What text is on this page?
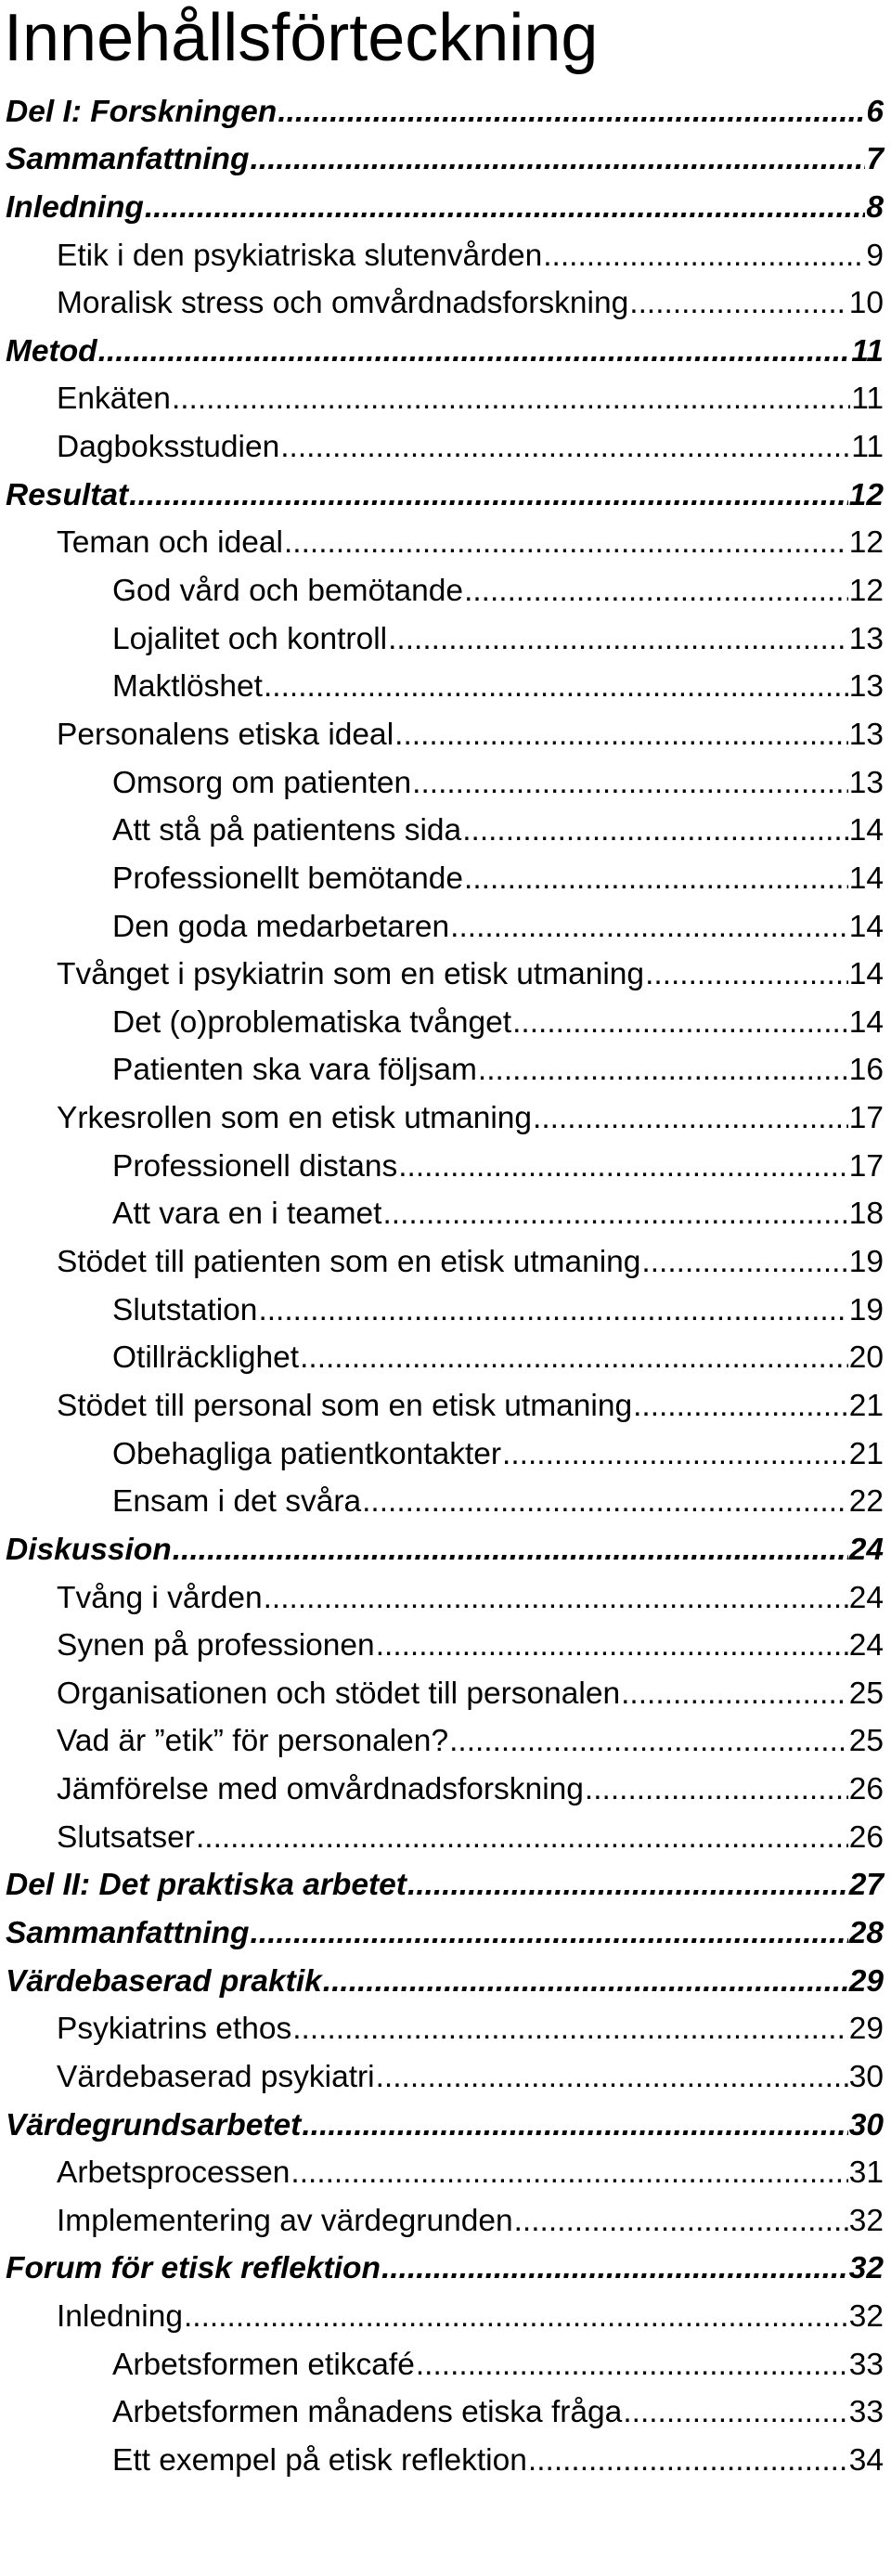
Innehållsförteckning
Del I: Forskningen .....	6
Sammanfattning .....	7
Inledning .....	8
Etik i den psykiatriska slutenvården .....	9
Moralisk stress och omvårdnadsforskning .....	10
Metod .....	11
Enkäten .....	11
Dagboksstudien .....	11
Resultat .....	12
Teman och ideal .....	12
God vård och bemötande .....	12
Lojalitet och kontroll .....	13
Maktlöshet .....	13
Personalens etiska ideal .....	13
Omsorg om patienten .....	13
Att stå på patientens sida .....	14
Professionellt bemötande .....	14
Den goda medarbetaren .....	14
Tvånget i psykiatrin som en etisk utmaning .....	14
Det (o)problematiska tvånget .....	14
Patienten ska vara följsam .....	16
Yrkesrollen som en etisk utmaning .....	17
Professionell distans .....	17
Att vara en i teamet .....	18
Stödet till patienten som en etisk utmaning .....	19
Slutstation .....	19
Otillräcklighet .....	20
Stödet till personal som en etisk utmaning .....	21
Obehagliga patientkontakter .....	21
Ensam i det svåra .....	22
Diskussion .....	24
Tvång i vården .....	24
Synen på professionen .....	24
Organisationen och stödet till personalen .....	25
Vad är ”etik” för personalen? .....	25
Jämförelse med omvårdnadsforskning .....	26
Slutsatser .....	26
Del II: Det praktiska arbetet .....	27
Sammanfattning .....	28
Värdebaserad praktik .....	29
Psykiatrins ethos .....	29
Värdebaserad psykiatri .....	30
Värdegrundsarbetet .....	30
Arbetsprocessen .....	31
Implementering av värdegrunden .....	32
Forum för etisk reflektion .....	32
Inledning .....	32
Arbetsformen etikcafé .....	33
Arbetsformen månadens etiska fråga .....	33
Ett exempel på etisk reflektion .....	34
